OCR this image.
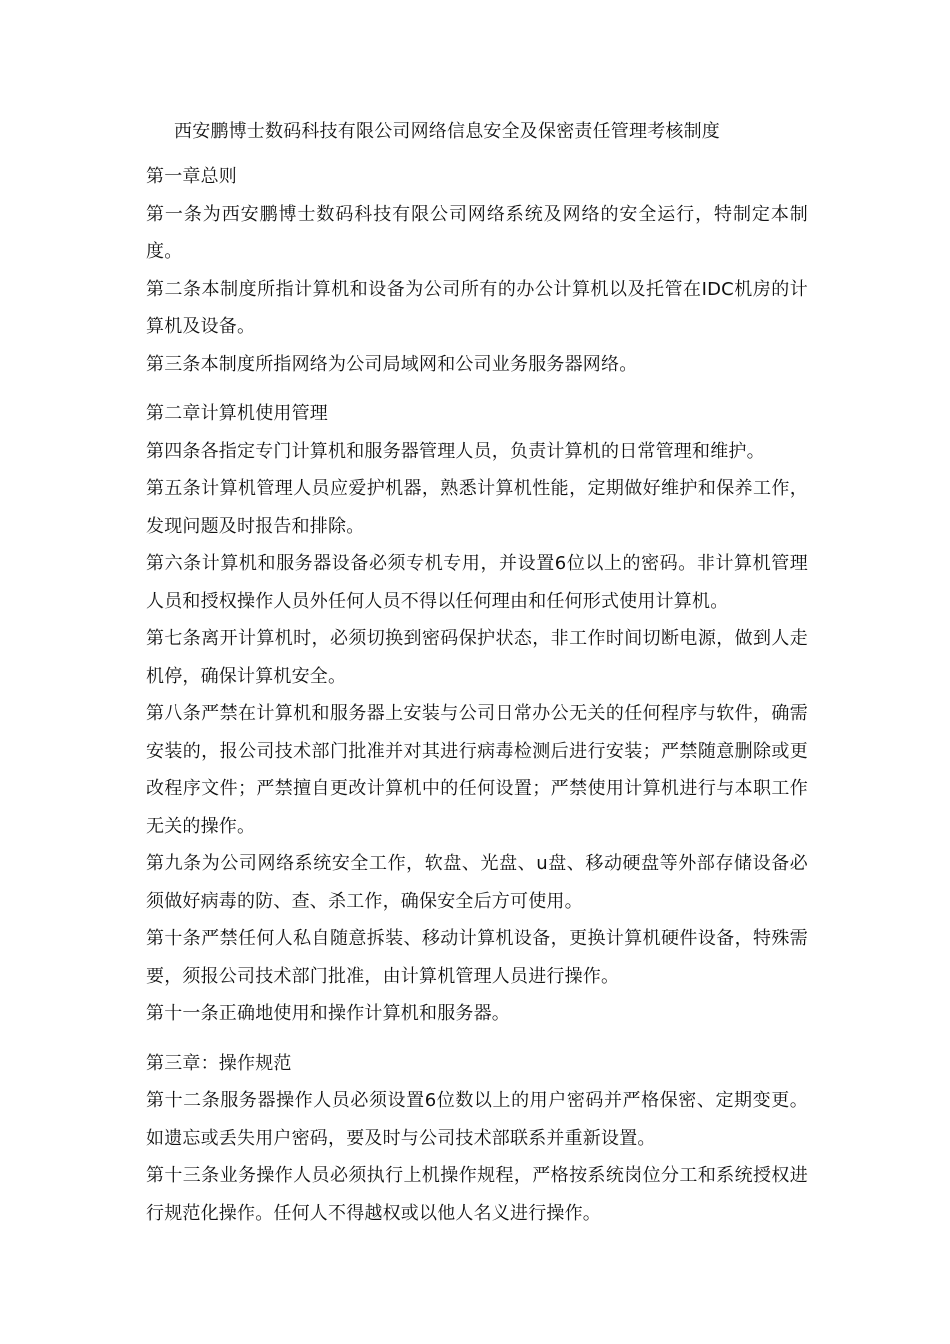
西安鹏博士数码科技有限公司网络信息安全及保密责任管理考核制度
第一章总则

第一条为西安鹏博士数码科技有限公司网络系统及网络的安全运行，特制定本制度。

第二条本制度所指计算机和设备为公司所有的办公计算机以及托管在IDC机房的计算机及设备。

第三条本制度所指网络为公司局域网和公司业务服务器网络。

第二章计算机使用管理

第四条各指定专门计算机和服务器管理人员，负责计算机的日常管理和维护。

第五条计算机管理人员应爱护机器，熟悉计算机性能，定期做好维护和保养工作，发现问题及时报告和排除。

第六条计算机和服务器设备必须专机专用，并设置6位以上的密码。非计算机管理人员和授权操作人员外任何人员不得以任何理由和任何形式使用计算机。

第七条离开计算机时，必须切换到密码保护状态，非工作时间切断电源，做到人走机停，确保计算机安全。

第八条严禁在计算机和服务器上安装与公司日常办公无关的任何程序与软件，确需安装的，报公司技术部门批准并对其进行病毒检测后进行安装；严禁随意删除或更改程序文件；严禁擅自更改计算机中的任何设置；严禁使用计算机进行与本职工作无关的操作。

第九条为公司网络系统安全工作，软盘、光盘、u盘、移动硬盘等外部存储设备必须做好病毒的防、查、杀工作，确保安全后方可使用。

第十条严禁任何人私自随意拆装、移动计算机设备，更换计算机硬件设备，特殊需要，须报公司技术部门批准，由计算机管理人员进行操作。

第十一条正确地使用和操作计算机和服务器。

第三章：操作规范

第十二条服务器操作人员必须设置6位数以上的用户密码并严格保密、定期变更。如遗忘或丢失用户密码，要及时与公司技术部联系并重新设置。

第十三条业务操作人员必须执行上机操作规程，严格按系统岗位分工和系统授权进行规范化操作。任何人不得越权或以他人名义进行操作。
